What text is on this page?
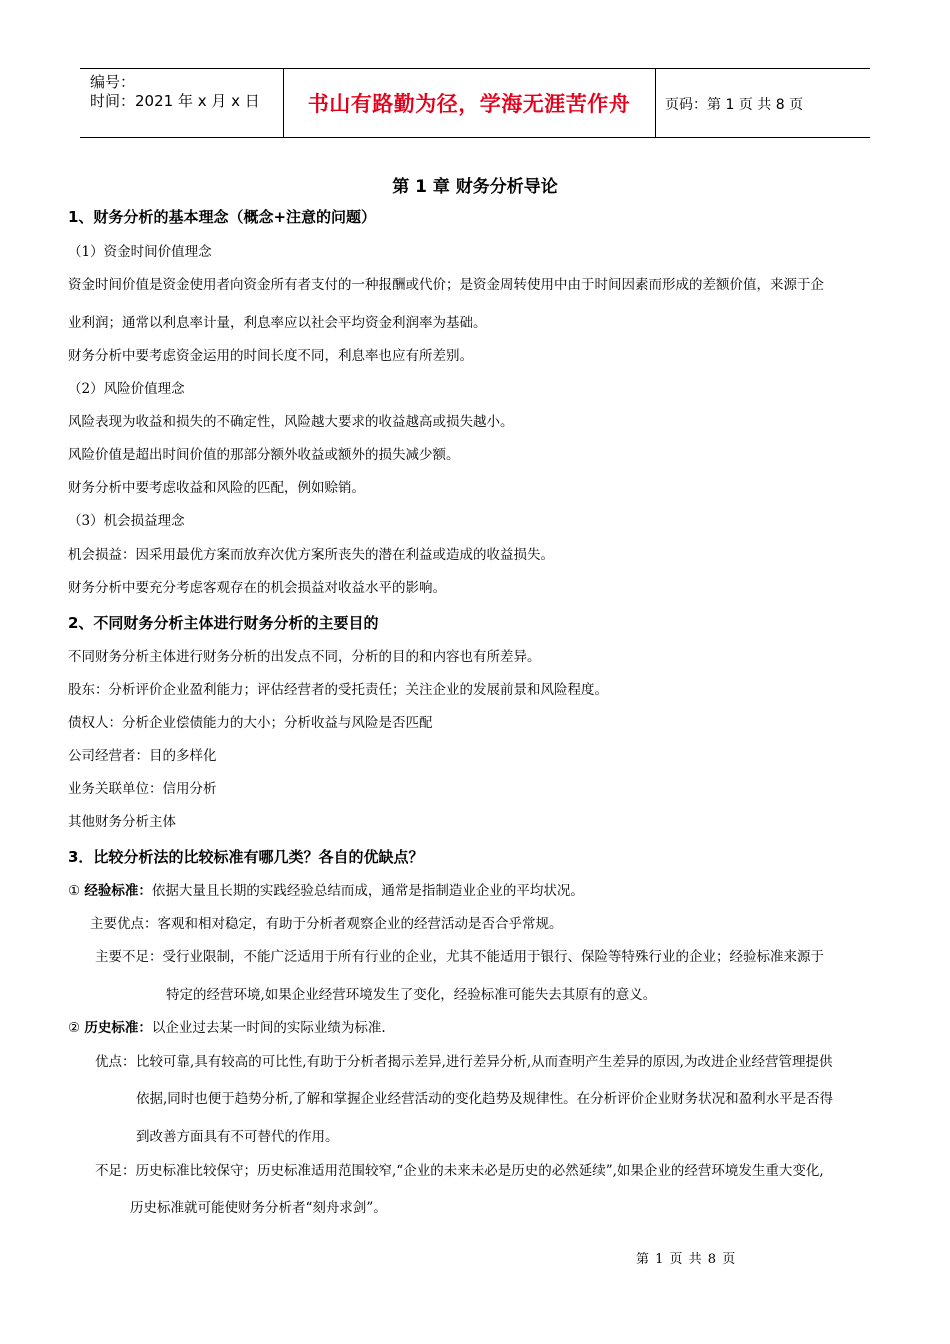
编号：
时间：2021 年 x 月 x 日	书山有路勤为径，学海无涯苦作舟	页码：第 1 页 共 8 页
第 1 章 财务分析导论
1、财务分析的基本理念（概念+注意的问题）
（1）资金时间价值理念
资金时间价值是资金使用者向资金所有者支付的一种报酬或代价；是资金周转使用中由于时间因素而形成的差额价值，来源于企
业利润；通常以利息率计量，利息率应以社会平均资金利润率为基础。
财务分析中要考虑资金运用的时间长度不同，利息率也应有所差别。
（2）风险价值理念
风险表现为收益和损失的不确定性，风险越大要求的收益越高或损失越小。
风险价值是超出时间价值的那部分额外收益或额外的损失减少额。
财务分析中要考虑收益和风险的匹配，例如赊销。
（3）机会损益理念
机会损益：因采用最优方案而放弃次优方案所丧失的潜在利益或造成的收益损失。
财务分析中要充分考虑客观存在的机会损益对收益水平的影响。
2、不同财务分析主体进行财务分析的主要目的
不同财务分析主体进行财务分析的出发点不同，分析的目的和内容也有所差异。
股东：分析评价企业盈利能力；评估经营者的受托责任；关注企业的发展前景和风险程度。
债权人：分析企业偿债能力的大小；分析收益与风险是否匹配
公司经营者：目的多样化
业务关联单位：信用分析
其他财务分析主体
3．比较分析法的比较标准有哪几类？各自的优缺点？
① 经验标准：依据大量且长期的实践经验总结而成，通常是指制造业企业的平均状况。
主要优点：客观和相对稳定，有助于分析者观察企业的经营活动是否合乎常规。
主要不足：受行业限制，不能广泛适用于所有行业的企业，尤其不能适用于银行、保险等特殊行业的企业；经验标准来源于
特定的经营环境,如果企业经营环境发生了变化，经验标准可能失去其原有的意义。
② 历史标准：以企业过去某一时间的实际业绩为标准.
优点： 比较可靠,具有较高的可比性,有助于分析者揭示差异,进行差异分析,从而查明产生差异的原因,为改进企业经营管理提供
依据,同时也便于趋势分析,了解和掌握企业经营活动的变化趋势及规律性。在分析评价企业财务状况和盈利水平是否得
到改善方面具有不可替代的作用。
不足：历史标准比较保守；历史标准适用范围较窄,“企业的未来未必是历史的必然延续”,如果企业的经营环境发生重大变化,
历史标准就可能使财务分析者“刻舟求剑”。
第 1 页 共 8 页
